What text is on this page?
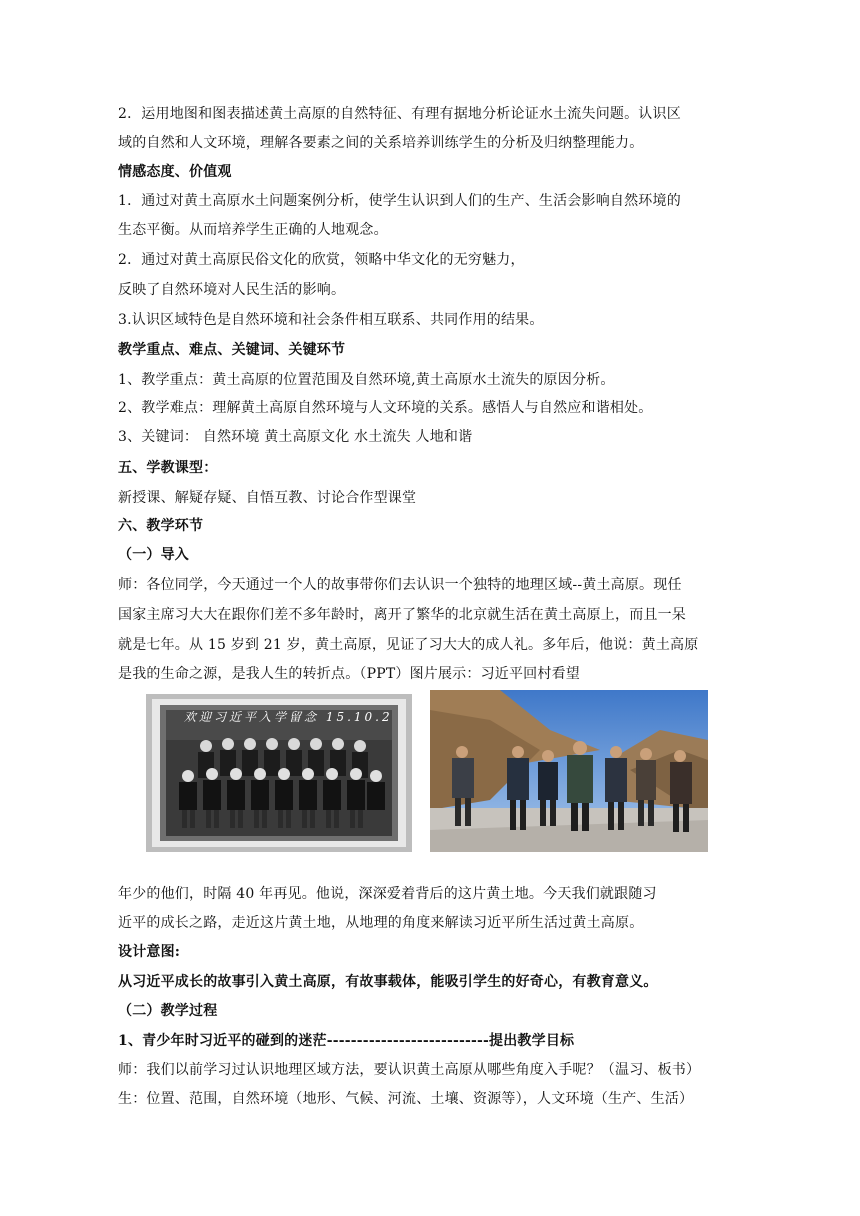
2．运用地图和图表描述黄土高原的自然特征、有理有据地分析论证水土流失问题。认识区
域的自然和人文环境，理解各要素之间的关系培养训练学生的分析及归纳整理能力。
情感态度、价值观
1．通过对黄土高原水土问题案例分析，使学生认识到人们的生产、生活会影响自然环境的
生态平衡。从而培养学生正确的人地观念。
2．通过对黄土高原民俗文化的欣赏，领略中华文化的无穷魅力，
反映了自然环境对人民生活的影响。
3.认识区域特色是自然环境和社会条件相互联系、共同作用的结果。
教学重点、难点、关键词、关键环节
1、教学重点：黄土高原的位置范围及自然环境,黄土高原水土流失的原因分析。
2、教学难点：理解黄土高原自然环境与人文环境的关系。感悟人与自然应和谐相处。
3、关键词： 自然环境 黄土高原文化 水土流失 人地和谐
五、学教课型：
新授课、解疑存疑、自悟互教、讨论合作型课堂
六、教学环节
（一）导入
师：各位同学，今天通过一个人的故事带你们去认识一个独特的地理区域--黄土高原。现任
国家主席习大大在跟你们差不多年龄时，离开了繁华的北京就生活在黄土高原上，而且一呆
就是七年。从 15 岁到 21 岁，黄土高原，见证了习大大的成人礼。多年后，他说：黄土高原
是我的生命之源，是我人生的转折点。（PPT）图片展示：习近平回村看望
欢迎习近平入学留念 15.10.2
年少的他们，时隔 40 年再见。他说，深深爱着背后的这片黄土地。今天我们就跟随习
近平的成长之路，走近这片黄土地，从地理的角度来解读习近平所生活过黄土高原。
设计意图:
从习近平成长的故事引入黄土高原，有故事载体，能吸引学生的好奇心，有教育意义。
（二）教学过程
1、青少年时习近平的碰到的迷茫---------------------------提出教学目标
师：我们以前学习过认识地理区域方法，要认识黄土高原从哪些角度入手呢？（温习、板书）
生：位置、范围，自然环境（地形、气候、河流、土壤、资源等），人文环境（生产、生活）
